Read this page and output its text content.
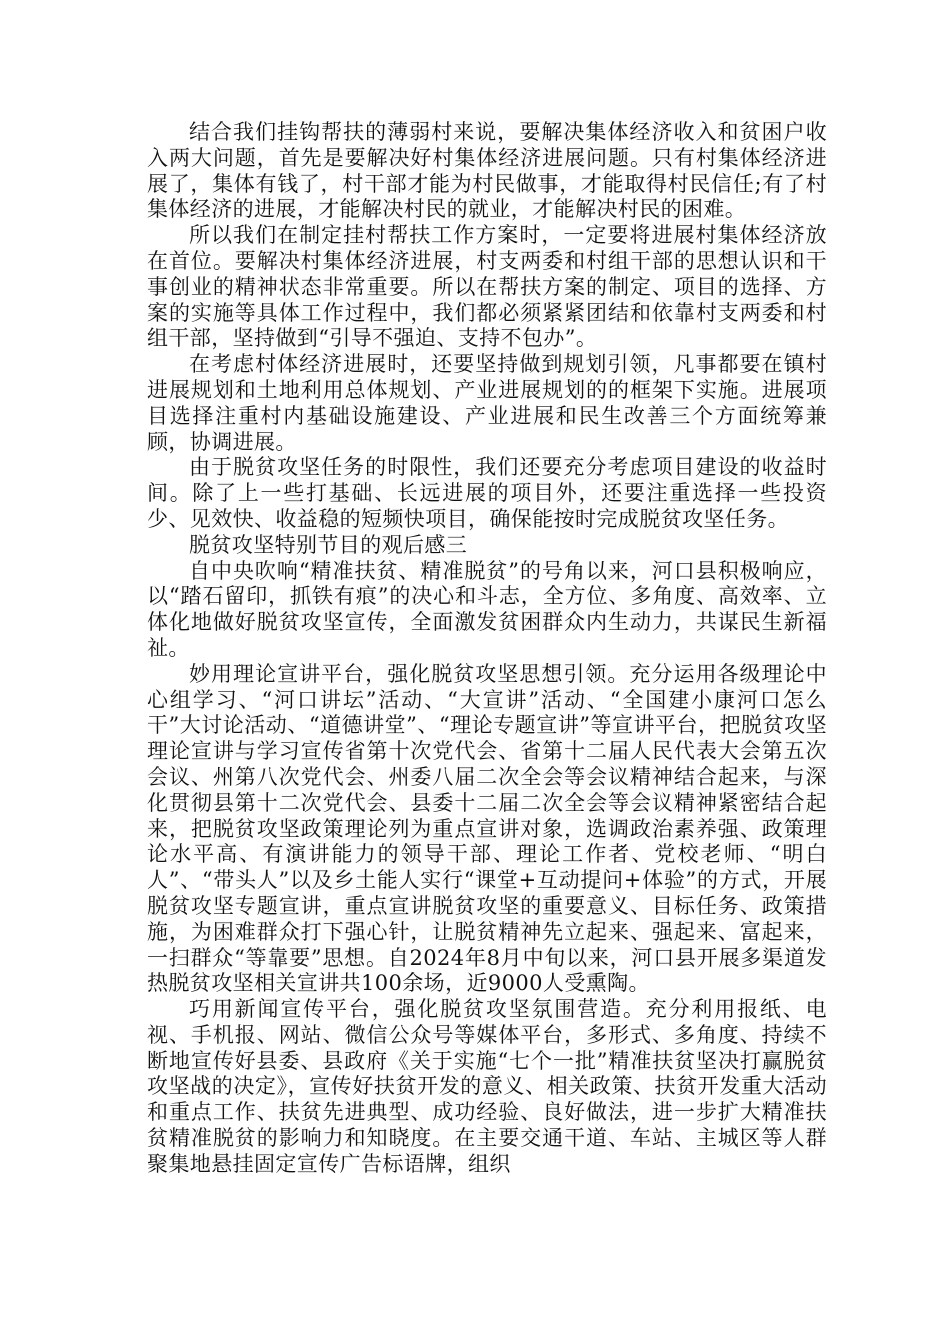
结合我们挂钩帮扶的薄弱村来说，要解决集体经济收入和贫困户收入两大问题，首先是要解决好村集体经济进展问题。只有村集体经济进展了，集体有钱了，村干部才能为村民做事，才能取得村民信任;有了村集体经济的进展，才能解决村民的就业，才能解决村民的困难。

所以我们在制定挂村帮扶工作方案时，一定要将进展村集体经济放在首位。要解决村集体经济进展，村支两委和村组干部的思想认识和干事创业的精神状态非常重要。所以在帮扶方案的制定、项目的选择、方案的实施等具体工作过程中，我们都必须紧紧团结和依靠村支两委和村组干部，坚持做到“引导不强迫、支持不包办”。

在考虑村体经济进展时，还要坚持做到规划引领，凡事都要在镇村进展规划和土地利用总体规划、产业进展规划的的框架下实施。进展项目选择注重村内基础设施建设、产业进展和民生改善三个方面统筹兼顾，协调进展。

由于脱贫攻坚任务的时限性，我们还要充分考虑项目建设的收益时间。除了上一些打基础、长远进展的项目外，还要注重选择一些投资少、见效快、收益稳的短频快项目，确保能按时完成脱贫攻坚任务。

脱贫攻坚特别节目的观后感三

自中央吹响“精准扶贫、精准脱贫”的号角以来，河口县积极响应，以“踏石留印，抓铁有痕”的决心和斗志，全方位、多角度、高效率、立体化地做好脱贫攻坚宣传，全面激发贫困群众内生动力，共谋民生新福祉。

妙用理论宣讲平台，强化脱贫攻坚思想引领。充分运用各级理论中心组学习、“河口讲坛”活动、“大宣讲”活动、“全国建小康河口怎么干”大讨论活动、“道德讲堂”、“理论专题宣讲”等宣讲平台，把脱贫攻坚理论宣讲与学习宣传省第十次党代会、省第十二届人民代表大会第五次会议、州第八次党代会、州委八届二次全会等会议精神结合起来，与深化贯彻县第十二次党代会、县委十二届二次全会等会议精神紧密结合起来，把脱贫攻坚政策理论列为重点宣讲对象，选调政治素养强、政策理论水平高、有演讲能力的领导干部、理论工作者、党校老师、“明白人”、“带头人”以及乡土能人实行“课堂+互动提问+体验”的方式，开展脱贫攻坚专题宣讲，重点宣讲脱贫攻坚的重要意义、目标任务、政策措施，为困难群众打下强心针，让脱贫精神先立起来、强起来、富起来，一扫群众“等靠要”思想。自2024年8月中旬以来，河口县开展多渠道发热脱贫攻坚相关宣讲共100余场，近9000人受熏陶。

巧用新闻宣传平台，强化脱贫攻坚氛围营造。充分利用报纸、电视、手机报、网站、微信公众号等媒体平台，多形式、多角度、持续不断地宣传好县委、县政府《关于实施“七个一批”精准扶贫坚决打赢脱贫攻坚战的决定》，宣传好扶贫开发的意义、相关政策、扶贫开发重大活动和重点工作、扶贫先进典型、成功经验、良好做法，进一步扩大精准扶贫精准脱贫的影响力和知晓度。在主要交通干道、车站、主城区等人群聚集地悬挂固定宣传广告标语牌，组织
